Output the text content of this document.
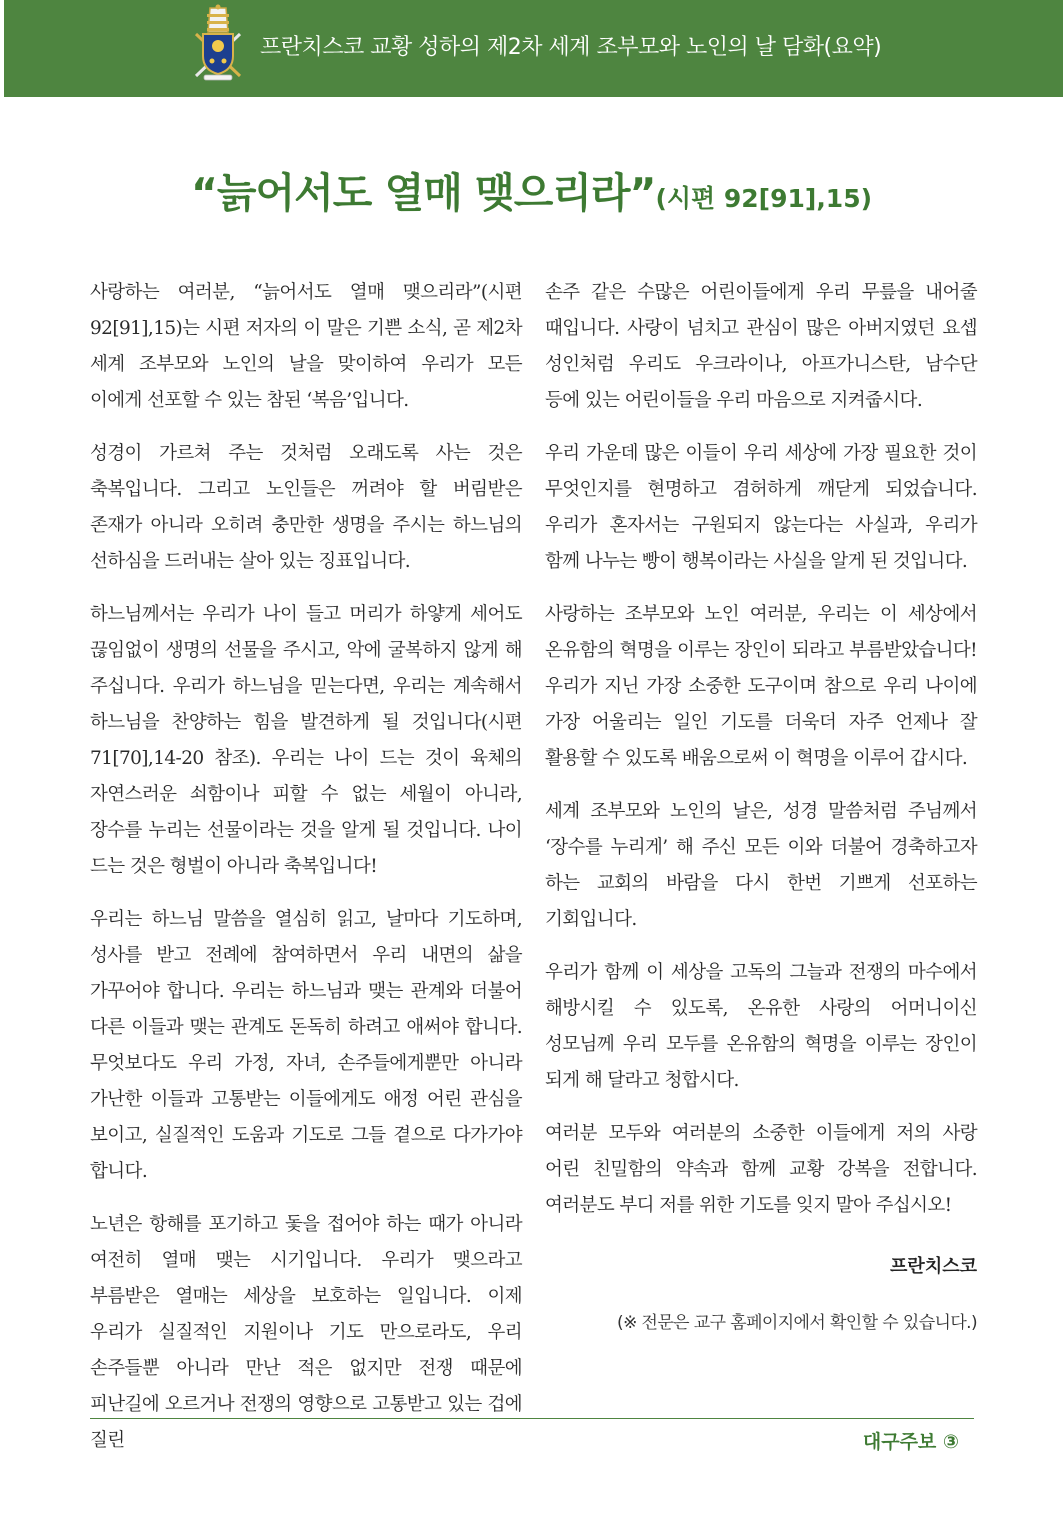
프란치스코 교황 성하의 제2차 세계 조부모와 노인의 날 담화(요약)
“늙어서도 열매 맺으리라”(시편 92[91],15)

사랑하는 여러분, “늙어서도 열매 맺으리라”(시편 92[91],15)는 시편 저자의 이 말은 기쁜 소식, 곧 제2차 세계 조부모와 노인의 날을 맞이하여 우리가 모든 이에게 선포할 수 있는 참된 ‘복음’입니다.

성경이 가르쳐 주는 것처럼 오래도록 사는 것은 축복입니다. 그리고 노인들은 꺼려야 할 버림받은 존재가 아니라 오히려 충만한 생명을 주시는 하느님의 선하심을 드러내는 살아 있는 징표입니다.

하느님께서는 우리가 나이 들고 머리가 하얗게 세어도 끊임없이 생명의 선물을 주시고, 악에 굴복하지 않게 해 주십니다. 우리가 하느님을 믿는다면, 우리는 계속해서 하느님을 찬양하는 힘을 발견하게 될 것입니다(시편 71[70],14-20 참조). 우리는 나이 드는 것이 육체의 자연스러운 쇠함이나 피할 수 없는 세월이 아니라, 장수를 누리는 선물이라는 것을 알게 될 것입니다. 나이 드는 것은 형벌이 아니라 축복입니다!

우리는 하느님 말씀을 열심히 읽고, 날마다 기도하며, 성사를 받고 전례에 참여하면서 우리 내면의 삶을 가꾸어야 합니다. 우리는 하느님과 맺는 관계와 더불어 다른 이들과 맺는 관계도 돈독히 하려고 애써야 합니다. 무엇보다도 우리 가정, 자녀, 손주들에게뿐만 아니라 가난한 이들과 고통받는 이들에게도 애정 어린 관심을 보이고, 실질적인 도움과 기도로 그들 곁으로 다가가야 합니다.

노년은 항해를 포기하고 돛을 접어야 하는 때가 아니라 여전히 열매 맺는 시기입니다. 우리가 맺으라고 부름받은 열매는 세상을 보호하는 일입니다. 이제 우리가 실질적인 지원이나 기도 만으로라도, 우리 손주들뿐 아니라 만난 적은 없지만 전쟁 때문에 피난길에 오르거나 전쟁의 영향으로 고통받고 있는 겁에 질린

손주 같은 수많은 어린이들에게 우리 무릎을 내어줄 때입니다. 사랑이 넘치고 관심이 많은 아버지였던 요셉 성인처럼 우리도 우크라이나, 아프가니스탄, 남수단 등에 있는 어린이들을 우리 마음으로 지켜줍시다.

우리 가운데 많은 이들이 우리 세상에 가장 필요한 것이 무엇인지를 현명하고 겸허하게 깨닫게 되었습니다. 우리가 혼자서는 구원되지 않는다는 사실과, 우리가 함께 나누는 빵이 행복이라는 사실을 알게 된 것입니다.

사랑하는 조부모와 노인 여러분, 우리는 이 세상에서 온유함의 혁명을 이루는 장인이 되라고 부름받았습니다! 우리가 지닌 가장 소중한 도구이며 참으로 우리 나이에 가장 어울리는 일인 기도를 더욱더 자주 언제나 잘 활용할 수 있도록 배움으로써 이 혁명을 이루어 갑시다.

세계 조부모와 노인의 날은, 성경 말씀처럼 주님께서 ‘장수를 누리게’ 해 주신 모든 이와 더불어 경축하고자 하는 교회의 바람을 다시 한번 기쁘게 선포하는 기회입니다.

우리가 함께 이 세상을 고독의 그늘과 전쟁의 마수에서 해방시킬 수 있도록, 온유한 사랑의 어머니이신 성모님께 우리 모두를 온유함의 혁명을 이루는 장인이 되게 해 달라고 청합시다.

여러분 모두와 여러분의 소중한 이들에게 저의 사랑 어린 친밀함의 약속과 함께 교황 강복을 전합니다. 여러분도 부디 저를 위한 기도를 잊지 말아 주십시오!

프란치스코
(※ 전문은 교구 홈페이지에서 확인할 수 있습니다.)
대구주보 ③
